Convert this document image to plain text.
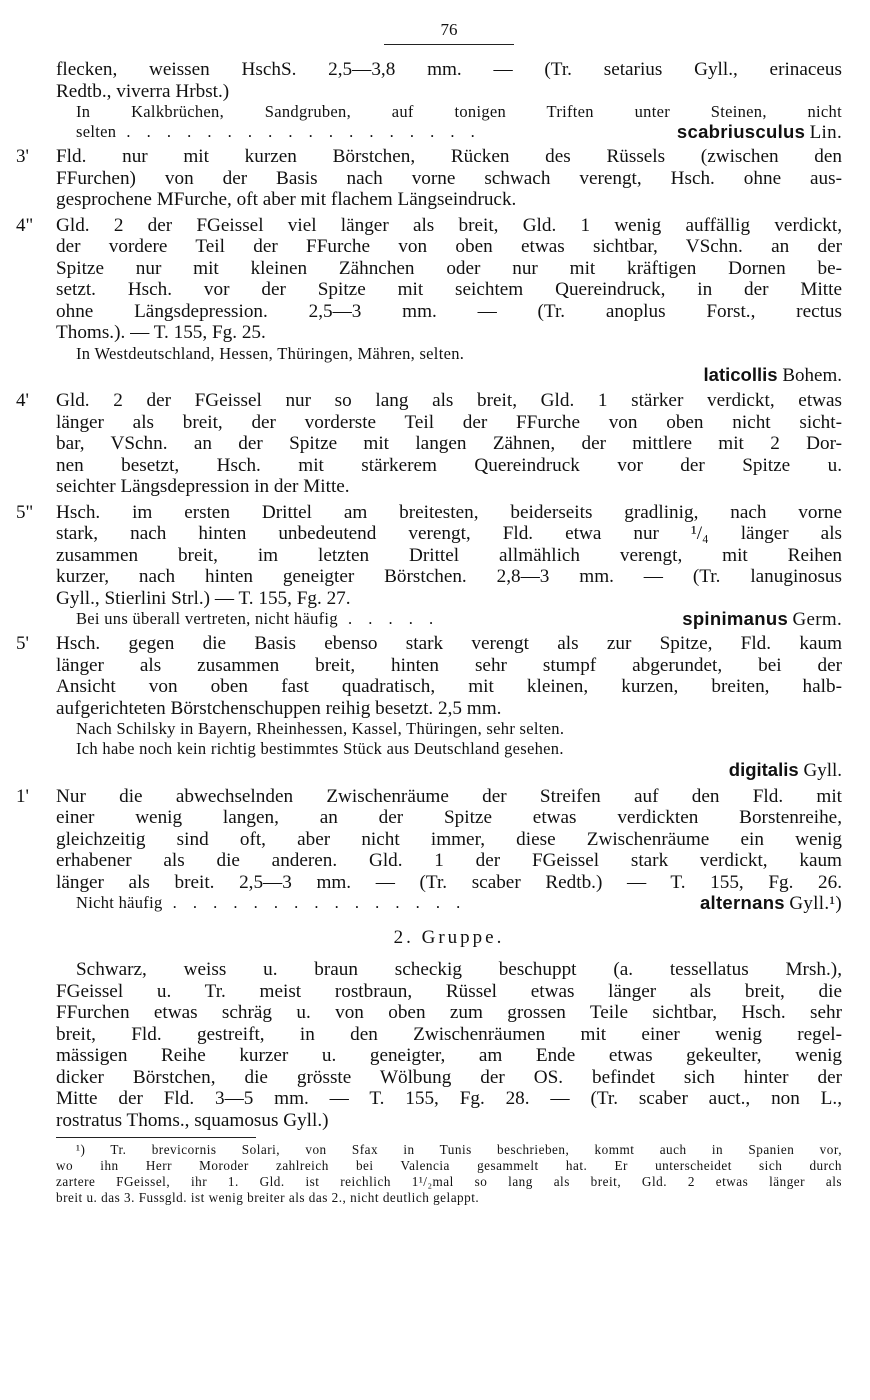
76
flecken, weissen HschS. 2,5—3,8 mm. — (Tr. setarius Gyll., erinaceus
Redtb., viverra Hrbst.)
In Kalkbrüchen, Sandgruben, auf tonigen Triften unter Steinen, nicht
selten . . . . . . . . . . . . . . . . . .	scabriusculus Lin.
3' Fld. nur mit kurzen Börstchen, Rücken des Rüssels (zwischen den
FFurchen) von der Basis nach vorne schwach verengt, Hsch. ohne aus-
gesprochene MFurche, oft aber mit flachem Längseindruck.
4" Gld. 2 der FGeissel viel länger als breit, Gld. 1 wenig auffällig verdickt,
der vordere Teil der FFurche von oben etwas sichtbar, VSchn. an der
Spitze nur mit kleinen Zähnchen oder nur mit kräftigen Dornen be-
setzt. Hsch. vor der Spitze mit seichtem Quereindruck, in der Mitte
ohne Längsdepression. 2,5—3 mm. — (Tr. anoplus Forst., rectus
Thoms.). — T. 155, Fg. 25.
In Westdeutschland, Hessen, Thüringen, Mähren, selten.
laticollis Bohem.
4' Gld. 2 der FGeissel nur so lang als breit, Gld. 1 stärker verdickt, etwas
länger als breit, der vorderste Teil der FFurche von oben nicht sicht-
bar, VSchn. an der Spitze mit langen Zähnen, der mittlere mit 2 Dor-
nen besetzt, Hsch. mit stärkerem Quereindruck vor der Spitze u.
seichter Längsdepression in der Mitte.
5" Hsch. im ersten Drittel am breitesten, beiderseits gradlinig, nach vorne
stark, nach hinten unbedeutend verengt, Fld. etwa nur ¹/₄ länger als
zusammen breit, im letzten Drittel allmählich verengt, mit Reihen
kurzer, nach hinten geneigter Börstchen. 2,8—3 mm. — (Tr. lanuginosus
Gyll., Stierlini Strl.) — T. 155, Fg. 27.
Bei uns überall vertreten, nicht häufig . . . . .	spinimanus Germ.
5' Hsch. gegen die Basis ebenso stark verengt als zur Spitze, Fld. kaum
länger als zusammen breit, hinten sehr stumpf abgerundet, bei der
Ansicht von oben fast quadratisch, mit kleinen, kurzen, breiten, halb-
aufgerichteten Börstchenschuppen reihig besetzt. 2,5 mm.
Nach Schilsky in Bayern, Rheinhessen, Kassel, Thüringen, sehr selten.
Ich habe noch kein richtig bestimmtes Stück aus Deutschland gesehen.
digitalis Gyll.
1' Nur die abwechselnden Zwischenräume der Streifen auf den Fld. mit
einer wenig langen, an der Spitze etwas verdickten Borstenreihe,
gleichzeitig sind oft, aber nicht immer, diese Zwischenräume ein wenig
erhabener als die anderen. Gld. 1 der FGeissel stark verdickt, kaum
länger als breit. 2,5—3 mm. — (Tr. scaber Redtb.) — T. 155, Fg. 26.
Nicht häufig . . . . . . . . . . . . . . .	alternans Gyll.¹)
2. Gruppe.
Schwarz, weiss u. braun scheckig beschuppt (a. tessellatus Mrsh.),
FGeissel u. Tr. meist rostbraun, Rüssel etwas länger als breit, die
FFurchen etwas schräg u. von oben zum grossen Teile sichtbar, Hsch. sehr
breit, Fld. gestreift, in den Zwischenräumen mit einer wenig regel-
mässigen Reihe kurzer u. geneigter, am Ende etwas gekeulter, wenig
dicker Börstchen, die grösste Wölbung der OS. befindet sich hinter der
Mitte der Fld. 3—5 mm. — T. 155, Fg. 28. — (Tr. scaber auct., non L.,
rostratus Thoms., squamosus Gyll.)
¹) Tr. brevicornis Solari, von Sfax in Tunis beschrieben, kommt auch in Spanien vor,
wo ihn Herr Moroder zahlreich bei Valencia gesammelt hat. Er unterscheidet sich durch
zartere FGeissel, ihr 1. Gld. ist reichlich 1¹/₂mal so lang als breit, Gld. 2 etwas länger als
breit u. das 3. Fussgld. ist wenig breiter als das 2., nicht deutlich gelappt.
